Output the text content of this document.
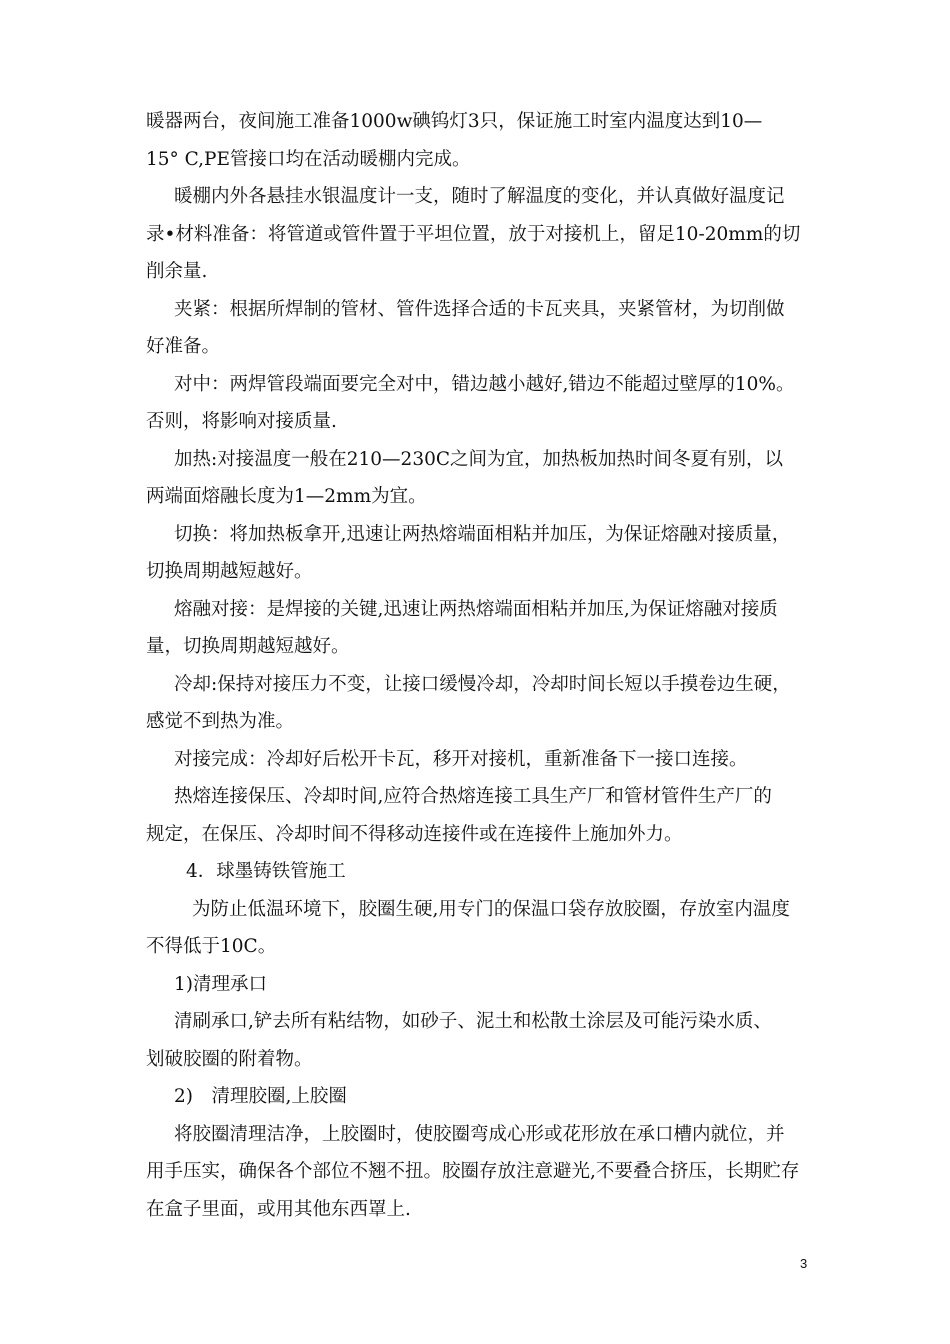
暖器两台，夜间施工准备1000w碘钨灯3只，保证施工时室内温度达到10—
15° C,PE管接口均在活动暖棚内完成。

暖棚内外各悬挂水银温度计一支，随时了解温度的变化，并认真做好温度记
录•材料准备：将管道或管件置于平坦位置，放于对接机上，留足10-20mm的切
削余量.

夹紧：根据所焊制的管材、管件选择合适的卡瓦夹具，夹紧管材，为切削做
好准备。

对中：两焊管段端面要完全对中，错边越小越好,错边不能超过壁厚的10%。
否则，将影响对接质量.

加热:对接温度一般在210—230C之间为宜，加热板加热时间冬夏有别，以
两端面熔融长度为1—2mm为宜。

切换：将加热板拿开,迅速让两热熔端面相粘并加压，为保证熔融对接质量，
切换周期越短越好。

熔融对接：是焊接的关键,迅速让两热熔端面相粘并加压,为保证熔融对接质
量，切换周期越短越好。

冷却:保持对接压力不变，让接口缓慢冷却，冷却时间长短以手摸卷边生硬，
感觉不到热为准。

对接完成：冷却好后松开卡瓦，移开对接机，重新准备下一接口连接。

热熔连接保压、冷却时间,应符合热熔连接工具生产厂和管材管件生产厂的
规定，在保压、冷却时间不得移动连接件或在连接件上施加外力。

4．球墨铸铁管施工

为防止低温环境下，胶圈生硬,用专门的保温口袋存放胶圈，存放室内温度
不得低于10C。

1)清理承口

清刷承口,铲去所有粘结物，如砂子、泥土和松散土涂层及可能污染水质、
划破胶圈的附着物。

2)　清理胶圈,上胶圈

将胶圈清理洁净，上胶圈时，使胶圈弯成心形或花形放在承口槽内就位，并
用手压实，确保各个部位不翘不扭。胶圈存放注意避光,不要叠合挤压，长期贮存
在盒子里面，或用其他东西罩上.

3
